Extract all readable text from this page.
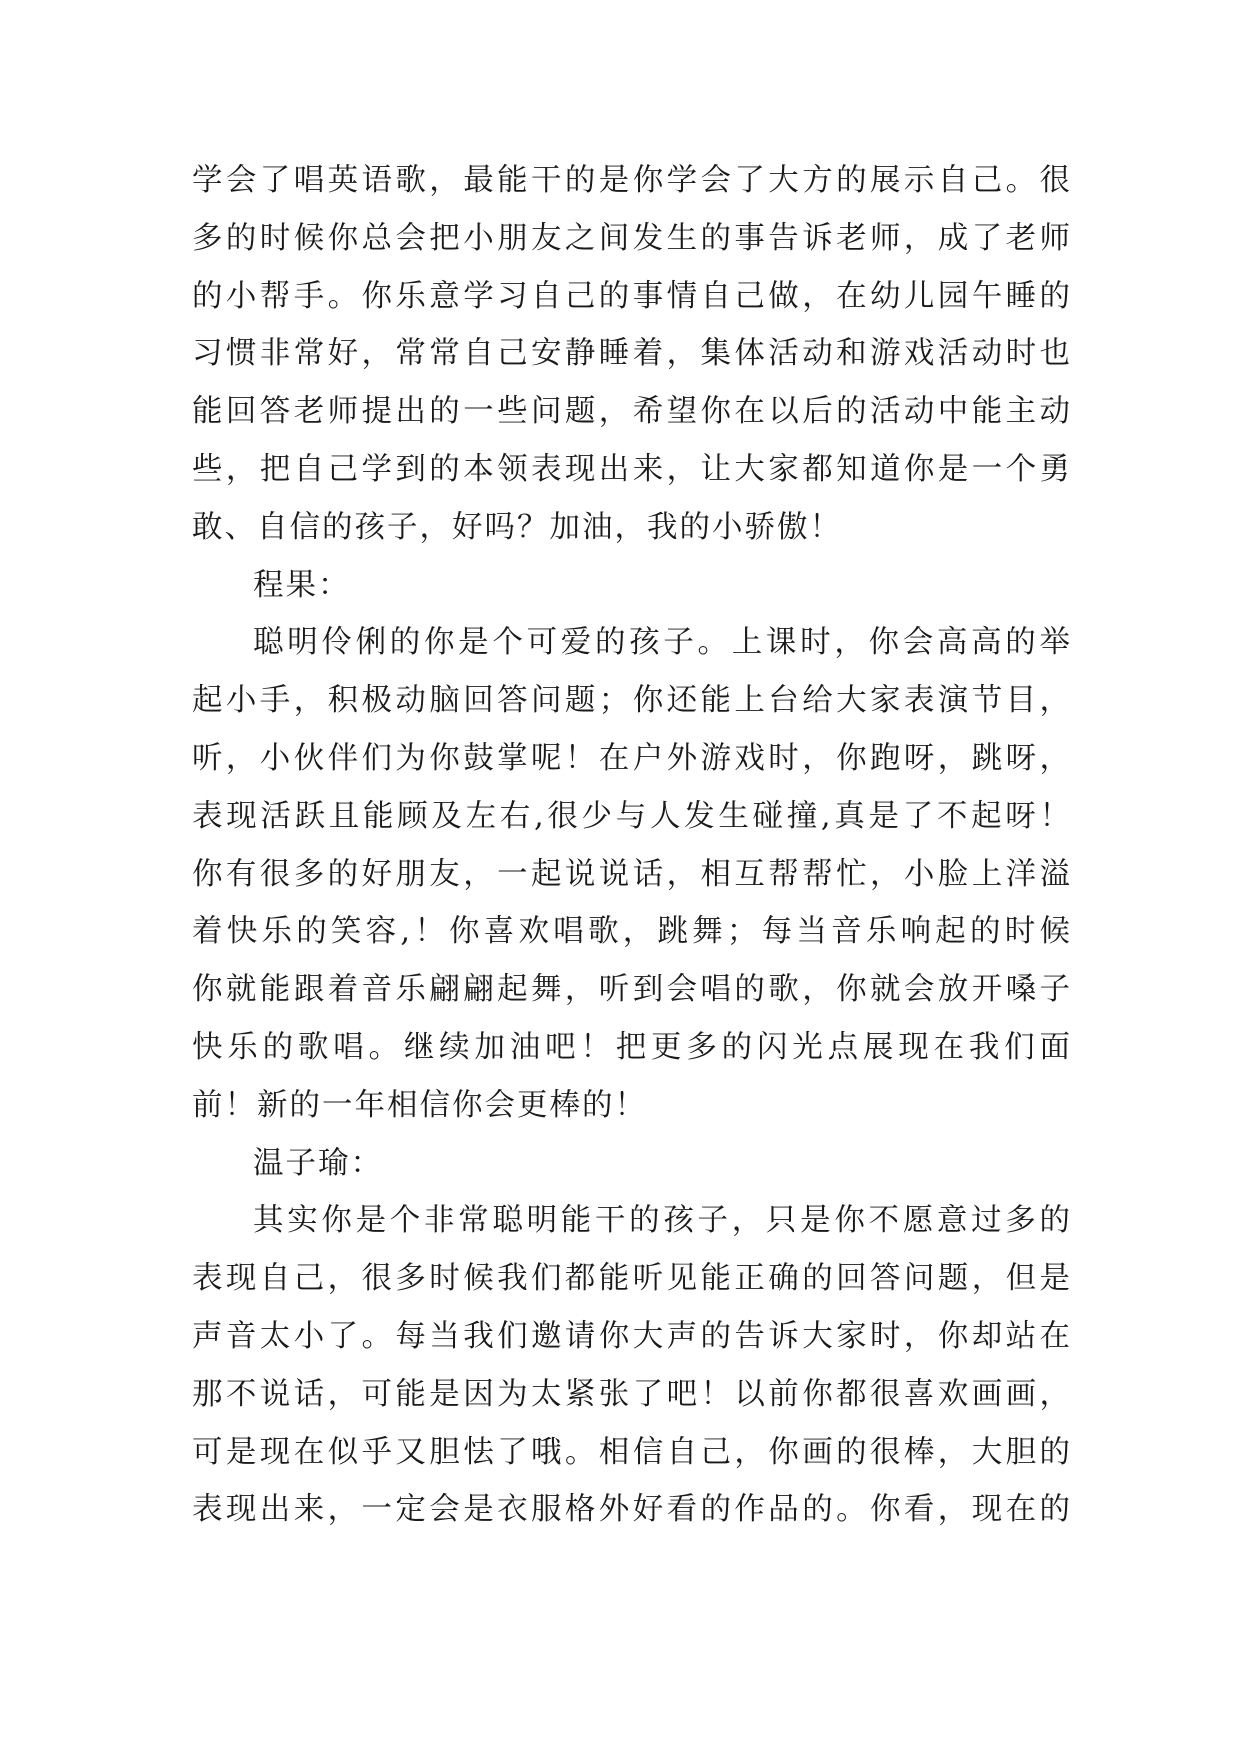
学会了唱英语歌，最能干的是你学会了大方的展示自己。很
多的时候你总会把小朋友之间发生的事告诉老师，成了老师
的小帮手。你乐意学习自己的事情自己做，在幼儿园午睡的
习惯非常好，常常自己安静睡着，集体活动和游戏活动时也
能回答老师提出的一些问题，希望你在以后的活动中能主动
些，把自己学到的本领表现出来，让大家都知道你是一个勇
敢、自信的孩子，好吗？加油，我的小骄傲！
程果：
聪明伶俐的你是个可爱的孩子。上课时，你会高高的举
起小手，积极动脑回答问题；你还能上台给大家表演节目，
听，小伙伴们为你鼓掌呢！在户外游戏时，你跑呀，跳呀，
表现活跃且能顾及左右,很少与人发生碰撞,真是了不起呀！
你有很多的好朋友，一起说说话，相互帮帮忙，小脸上洋溢
着快乐的笑容,！你喜欢唱歌，跳舞；每当音乐响起的时候
你就能跟着音乐翩翩起舞，听到会唱的歌，你就会放开嗓子
快乐的歌唱。继续加油吧！把更多的闪光点展现在我们面
前！新的一年相信你会更棒的！
温子瑜：
其实你是个非常聪明能干的孩子，只是你不愿意过多的
表现自己，很多时候我们都能听见能正确的回答问题，但是
声音太小了。每当我们邀请你大声的告诉大家时，你却站在
那不说话，可能是因为太紧张了吧！以前你都很喜欢画画，
可是现在似乎又胆怯了哦。相信自己，你画的很棒，大胆的
表现出来，一定会是衣服格外好看的作品的。你看，现在的
